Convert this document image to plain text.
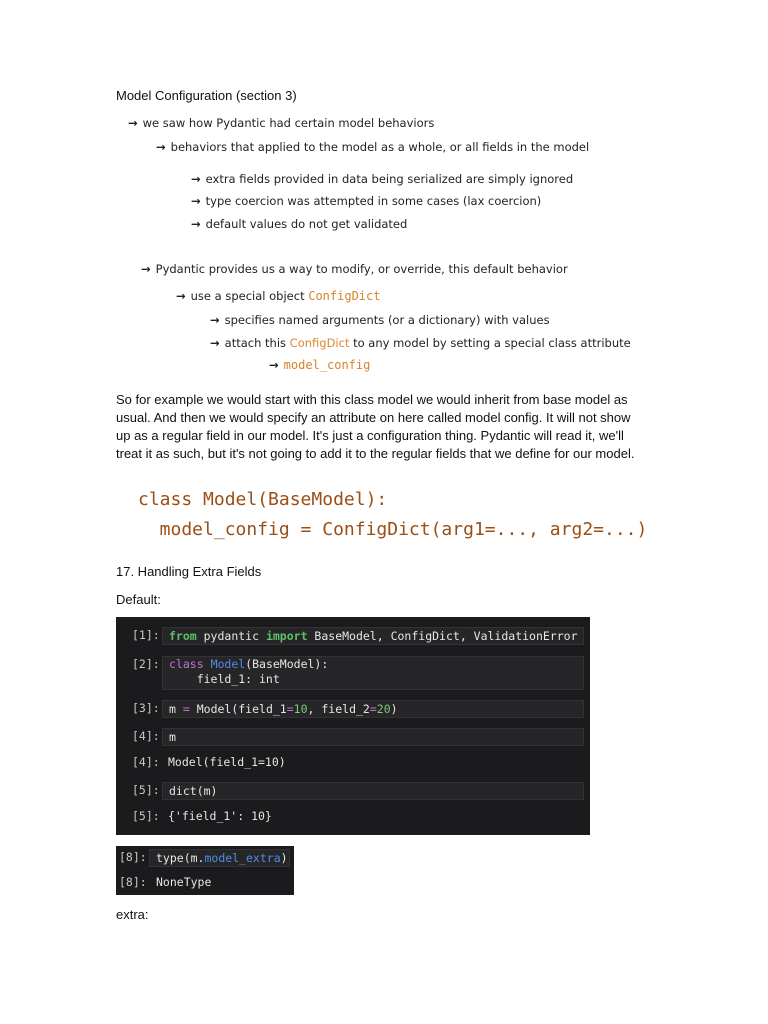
Model Configuration (section 3)
→ we saw how Pydantic had certain model behaviors
→ behaviors that applied to the model as a whole, or all fields in the model
→ extra fields provided in data being serialized are simply ignored
→ type coercion was attempted in some cases (lax coercion)
→ default values do not get validated
→ Pydantic provides us a way to modify, or override, this default behavior
→ use a special object ConfigDict
→ specifies named arguments (or a dictionary) with values
→ attach this ConfigDict to any model by setting a special class attribute
→ model_config
So for example we would start with this class model we would inherit from base model as usual. And then we would specify an attribute on here called model config. It will not show up as a regular field in our model. It's just a configuration thing. Pydantic will read it, we'll treat it as such, but it's not going to add it to the regular fields that we define for our model.
class Model(BaseModel):
model_config = ConfigDict(arg1=..., arg2=...)
17. Handling Extra Fields
Default:
[1]: from pydantic import BaseModel, ConfigDict, ValidationError
[2]: class Model(BaseModel):
field_1: int
[3]: m = Model(field_1=10, field_2=20)
[4]: m
[4]: Model(field_1=10)
[5]: dict(m)
[5]: {'field_1': 10}
[8]: type(m.model_extra)
[8]: NoneType
extra:
